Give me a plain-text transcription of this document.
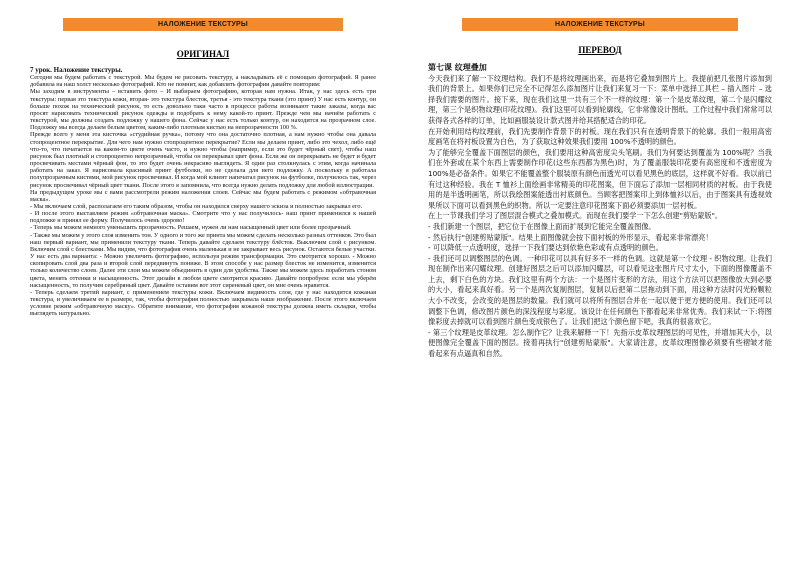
НАЛОЖЕНИЕ ТЕКСТУРЫ
ОРИГИНАЛ

7 урок. Наложение текстуры.

Сегодня мы будем работать с текстурой. Мы будем не рисовать текстуру, а накладывать её с помощью фотографий. Я ранее добавила на наш холст несколько фотографий. Кто не помнит, как добавлять фотографии давайте повторим:

Мы заходим в инструменты – вставить фото – И выбираем фотографию, которая нам нужна. Итак, у нас здесь есть три текстуры: первая это текстура кожи, вторая- это текстура блесток, третья - это текстура ткани (это принт) У нас есть контур, он больше похож на технический рисунок, то есть довольно таки часто в процессе работы возникают такие заказы, когда вас просят нарисовать технический рисунок одежды и подобрать к нему какой-то принт. Прежде чем мы начнём работать с текстурой, мы должны создать подложку у нашего фона. Сейчас у нас есть только контур, он находится на прозрачном слое. Подложку мы всегда делаем белым цветом, каким-либо плотным кистью на непрозрачности 100 %.

Прежде всего у меня эта кисточка «студийная ручка», потому что она достаточно плотная, а нам нужно чтобы она давала стопроцентное перекрытие. Для чего нам нужно стопроцентное перекрытие? Если мы делаем принт, либо это чехол, либо ещё что-то, что печатается на каком-то цвете очень часто, и нужно чтобы (например, если это будет чёрный свет), чтобы наш рисунок был плотный и стопроцентно непрозрачный, чтобы он перекрывал цвет фона. Если же он перекрывать не будет и будет просвечивать местами чёрный фон, то это будет очень некрасиво выглядеть. Я один раз столкнулась с этим, когда начинала работать на заказ. Я нарисовала красивый принт футболки, но не сделала для него подложку. А поскольку я работала полупрозрачным кистями, мой рисунок просвечивал. И когда мой клиент напечатал рисунок на футболке, получилось так, через рисунок просвечивал чёрный цвет ткани. После этого я запомнила, что всегда нужно делать подложку для любой иллюстрации.

На предыдущем уроке мы с вами рассмотрели режим наложения слоев. Сейчас мы будем работать с режимом «обтравочная маска».

- Мы включаем слой, располагаем его таким образом, чтобы он находился сверху нашего эскиза и полностью закрывал его.

- И после этого выставляем режим «обтравочная маска». Смотрите что у нас получилось- наш принт применился к нашей подложке и принял ее форму. Получилось очень здорово!

- Теперь мы можем немного уменьшить прозрачность. Решаем, нужен ли нам насыщенный цвет или более прозрачный.

- Также мы можем у этого слоя изменить тон. У одного и того же принта мы можем сделать несколько разных оттенков. Это был наш первый вариант, мы применили текстуру ткани. Теперь давайте сделаем текстуру блёсток. Выключим слой с рисунком. Включим слой с блестками. Мы видим, что фотография очень маленькая и не закрывает весь рисунок. Остаются белые участки. У нас есть два варианта: - Можно увеличить фотографию, используя режим трансформации. Это смотрится хорошо. - Можно скопировать слой два раза и второй слой передвинуть пониже. В этом способе у нас размер блесток не изменится, изменится только количество слоев. Далее эти слои мы можем объединить в один для удобства. Также мы можем здесь поработать стоном цвета, менять оттенки и насыщенность. Этот дизайн в любом цвете смотрится красиво. Давайте попробуем: если мы уберём насыщенность, то получим серебряный цвет. Давайте оставим вот этот сиреневый цвет, он мне очень нравится.

- Теперь сделаем третий вариант, с применением текстуры кожи. Включаем видимость слоя, где у нас находится кожаная текстура, и увеличиваем ее в размере, так, чтобы фотография полностью закрывала наше изображение. После этого включаем условие режим «обтравочную маску». Обратите внимание, что фотография кожаной текстуры должна иметь складки, чтобы выглядеть натурально.

НАЛОЖЕНИЕ ТЕКСТУРЫ
ПЕРЕВОД

第七课 纹理叠加

今天我们来了解一下纹理结构。我们不是将纹理画出来，而是将它叠加到图片上。我提前把几张图片添加到我们的背景上。如果你们已完全不记得怎么添加图片让我们来复习一下：菜单中选择工具栏 – 插入图片 – 选择我们需要的图片。接下来，现在我们这里一共有三个不一样的纹理：第一个是皮革纹理，第二个是闪耀纹理，第三个是织物纹理(印花纹理)。我们这里可以看到轮廓线，它非常像设计图纸。工作过程中我们常常可以获得各式各样的订单，比如画服装设计款式图并给其搭配适合的印花。

在开始利用结构纹理前，我们先要制作背景下的衬板。现在我们只有在透明背景下的轮廓。我们一般用高密度画笔在将衬板设置为白色，为了获取这种效果我们要用 100%不透明的颜色。

为了能够完全覆盖下面图层的颜色，我们要用这种高密度尖头笔刷。我们为何要达到覆盖为 100%呢？当我们在外套或在某个东西上需要制作印花(这些东西都为黑色)时，为了覆盖服装印花要有高密度和不透密度为 100%是必备条件。如果它不能覆盖整个服装原有颜色而透光可以看见黑色的底层，这样就不好看。我以前已有过这种经验。我在 T 恤衫上面绘画非常精美的印花图案，但下面忘了添加一层相同材质的衬板。由于我使用的是半透明画笔，所以我绘图案能透出衬底颜色。当顾客把图案印上到体恤衫以后，由于图案具有透视效果所以下面可以看到黑色的织物。所以一定要注意印花图案下面必须要添加一层衬板。

在上一节课我们学习了图层混合模式之叠加模式。而现在我们要学一下怎么创建"剪贴蒙版"。

- 我们新建一个图层，把它位于在图像上面而扩展到它能完全覆盖图像。

- 然后执行"创建剪贴蒙版"。结果上面图像就会按下面衬板的外形显示，看起来非常漂亮！

- 可以降低一点透明度，选择一下我们要达到依艳色彩或有点透明的颜色。

- 我们还可以调整图层的色调。一种印花可以具有好多不一样的色调。这就是第一个纹理 - 织物纹理。让我们现在制作出来闪耀纹理。创建好图层之后可以添加闪耀层，可以看见这张图片尺寸太小，下面的图像覆盖不上去，剩下白色的方块。我们这里有两个方法：一个是图片变形的方法，用这个方法可以把图像放大到必要的大小，看起来真好看。另一个是两次复制图层，复制以后把第二层拖动到下面，用这种方法时闪光粉颗粒大小不改变，会改变的是图层的数量。我们就可以将所有图层合并在一起以便于更方便的使用。我们还可以调整下色调，修改图片颜色的深浅程度与彩度。该设计在任何颜色下都看起来非常优秀。我们来试一下:将图像彩度去掉就可以看到图片颜色变成银色了。让我们把这个颜色留下吧，我真的很喜欢它。

- 第三个纹理是皮革纹理。怎么制作它？让我来解释一下！先指示皮革纹理图层的可见性，并增加其大小，以便图像完全覆盖下面的图层。接着再执行"创建剪贴蒙版"。大家请注意，皮革纹理图像必须要有些褶皱才能看起来有点逼真和自然。
